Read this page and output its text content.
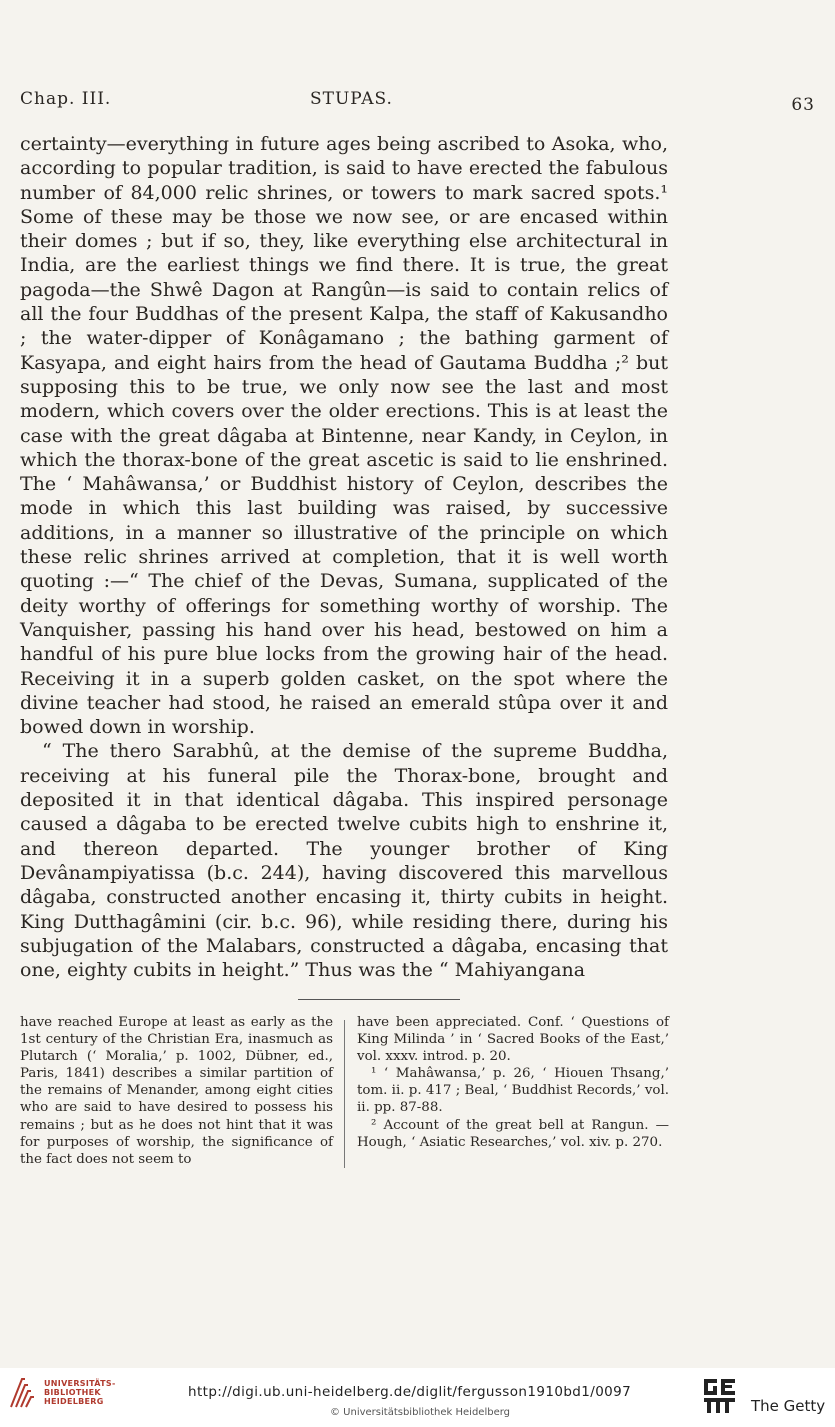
Chap. III.	STUPAS.	63

certainty—everything in future ages being ascribed to Asoka, who, according to popular tradition, is said to have erected the fabulous number of 84,000 relic shrines, or towers to mark sacred spots.¹ Some of these may be those we now see, or are encased within their domes ; but if so, they, like everything else architectural in India, are the earliest things we find there. It is true, the great pagoda—the Shwê Dagon at Rangûn—is said to contain relics of all the four Buddhas of the present Kalpa, the staff of Kakusandho ; the water-dipper of Konâgamano ; the bathing garment of Kasyapa, and eight hairs from the head of Gautama Buddha ;² but supposing this to be true, we only now see the last and most modern, which covers over the older erections. This is at least the case with the great dâgaba at Bintenne, near Kandy, in Ceylon, in which the thorax-bone of the great ascetic is said to lie enshrined. The ‘ Mahâwansa,’ or Buddhist history of Ceylon, describes the mode in which this last building was raised, by successive additions, in a manner so illustrative of the principle on which these relic shrines arrived at completion, that it is well worth quoting :—“ The chief of the Devas, Sumana, supplicated of the deity worthy of offerings for something worthy of worship. The Vanquisher, passing his hand over his head, bestowed on him a handful of his pure blue locks from the growing hair of the head. Receiving it in a superb golden casket, on the spot where the divine teacher had stood, he raised an emerald stûpa over it and bowed down in worship.

“ The thero Sarabhû, at the demise of the supreme Buddha, receiving at his funeral pile the Thorax-bone, brought and deposited it in that identical dâgaba. This inspired personage caused a dâgaba to be erected twelve cubits high to enshrine it, and thereon departed. The younger brother of King Devânampiyatissa (b.c. 244), having discovered this marvellous dâgaba, constructed another encasing it, thirty cubits in height. King Dutthagâmini (cir. b.c. 96), while residing there, during his subjugation of the Malabars, constructed a dâgaba, encasing that one, eighty cubits in height.” Thus was the “ Mahiyangana

have reached Europe at least as early as the 1st century of the Christian Era, inasmuch as Plutarch (‘ Moralia,’ p. 1002, Dübner, ed., Paris, 1841) describes a similar partition of the remains of Menander, among eight cities who are said to have desired to possess his remains ; but as he does not hint that it was for purposes of worship, the significance of the fact does not seem to

have been appreciated. Conf. ‘ Questions of King Milinda ’ in ‘ Sacred Books of the East,’ vol. xxxv. introd. p. 20.

¹ ‘ Mahâwansa,’ p. 26, ‘ Hiouen Thsang,’ tom. ii. p. 417 ; Beal, ‘ Buddhist Records,’ vol. ii. pp. 87-88.

² Account of the great bell at Rangun. —Hough, ‘ Asiatic Researches,’ vol. xiv. p. 270.

UNIVERSITÄTS-
BIBLIOTHEK
HEIDELBERG
http://digi.ub.uni-heidelberg.de/diglit/fergusson1910bd1/0097
© Universitätsbibliothek Heidelberg	The Getty
